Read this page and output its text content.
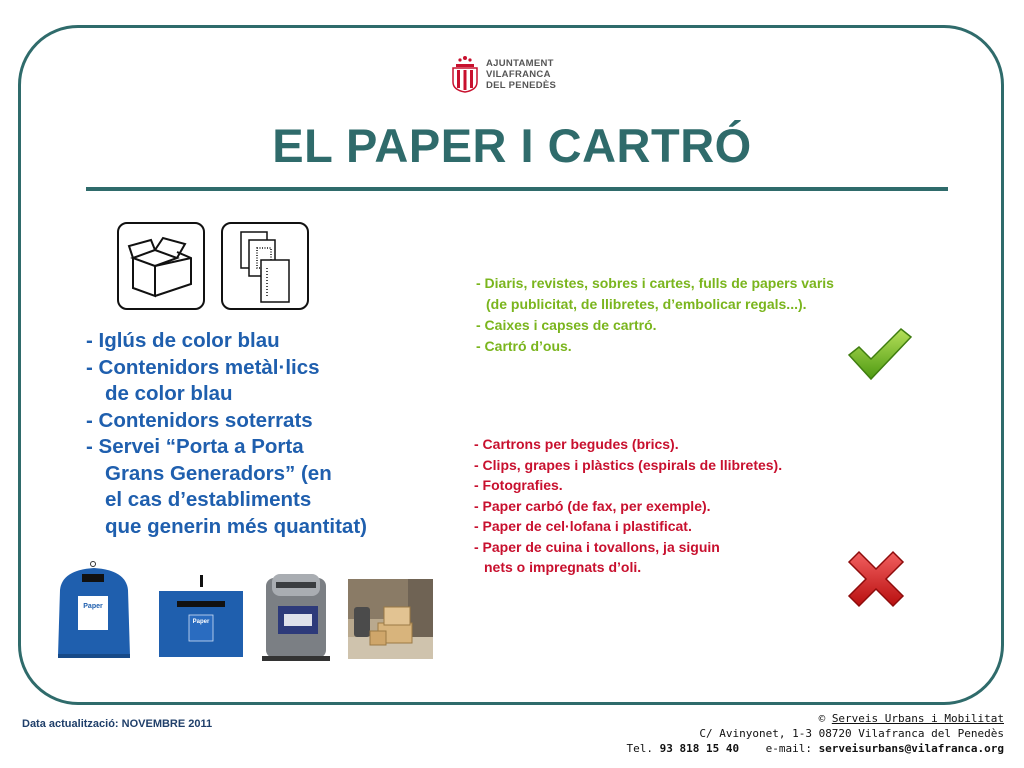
AJUNTAMENT
VILAFRANCA
DEL PENEDÈS
EL PAPER I CARTRÓ
- Iglús de color blau
- Contenidors metàl·lics
de color blau
- Contenidors soterrats
- Servei “Porta a Porta
Grans Generadors” (en
el cas d’establiments
que generin més quantitat)
- Diaris, revistes, sobres i cartes, fulls de papers varis
(de publicitat, de llibretes, d’embolicar regals...).
- Caixes i capses de cartró.
- Cartró d’ous.
- Cartrons per begudes (brics).
- Clips, grapes i plàstics (espirals de llibretes).
- Fotografies.
- Paper carbó (de fax, per exemple).
- Paper de cel·lofana i plastificat.
- Paper de cuina i tovallons, ja siguin
nets o impregnats d’oli.
Paper
Paper
Data actualització: NOVEMBRE 2011	© Serveis Urbans i Mobilitat
C/ Avinyonet, 1-3 08720 Vilafranca del Penedès
Tel. 93 818 15 40 e-mail: serveisurbans@vilafranca.org
